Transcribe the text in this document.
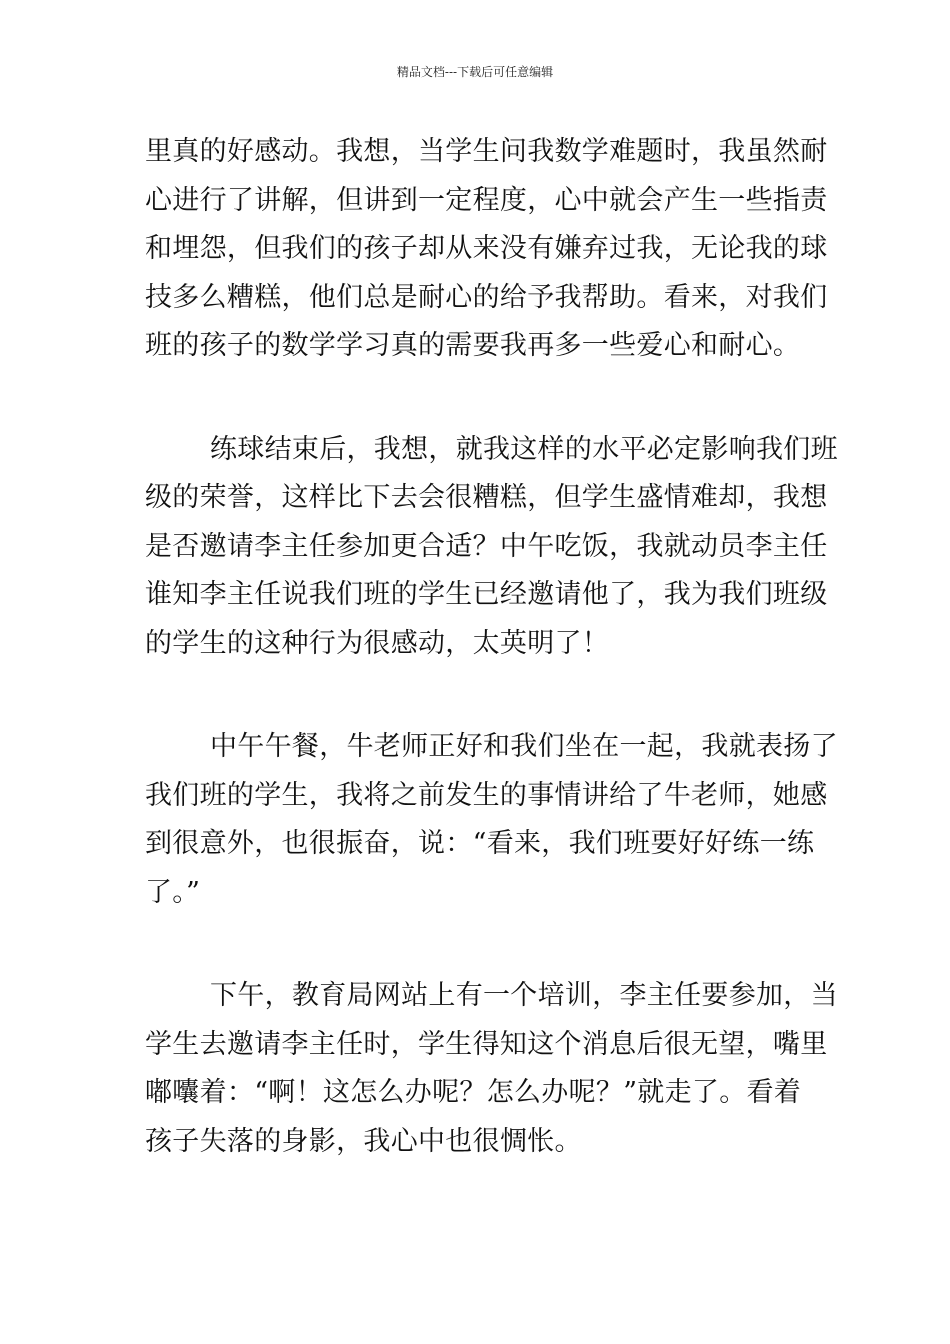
精品文档---下载后可任意编辑
里真的好感动。我想，当学生问我数学难题时，我虽然耐
心进行了讲解，但讲到一定程度，心中就会产生一些指责
和埋怨，但我们的孩子却从来没有嫌弃过我，无论我的球
技多么糟糕，他们总是耐心的给予我帮助。看来，对我们
班的孩子的数学学习真的需要我再多一些爱心和耐心。
练球结束后，我想，就我这样的水平必定影响我们班
级的荣誉，这样比下去会很糟糕，但学生盛情难却，我想
是否邀请李主任参加更合适？中午吃饭，我就动员李主任
谁知李主任说我们班的学生已经邀请他了，我为我们班级
的学生的这种行为很感动，太英明了！
中午午餐，牛老师正好和我们坐在一起，我就表扬了
我们班的学生，我将之前发生的事情讲给了牛老师，她感
到很意外，也很振奋，说：“看来，我们班要好好练一练
了。”
下午，教育局网站上有一个培训，李主任要参加，当
学生去邀请李主任时，学生得知这个消息后很无望，嘴里
嘟囔着：“啊！这怎么办呢？怎么办呢？”就走了。看着
孩子失落的身影，我心中也很惆怅。
